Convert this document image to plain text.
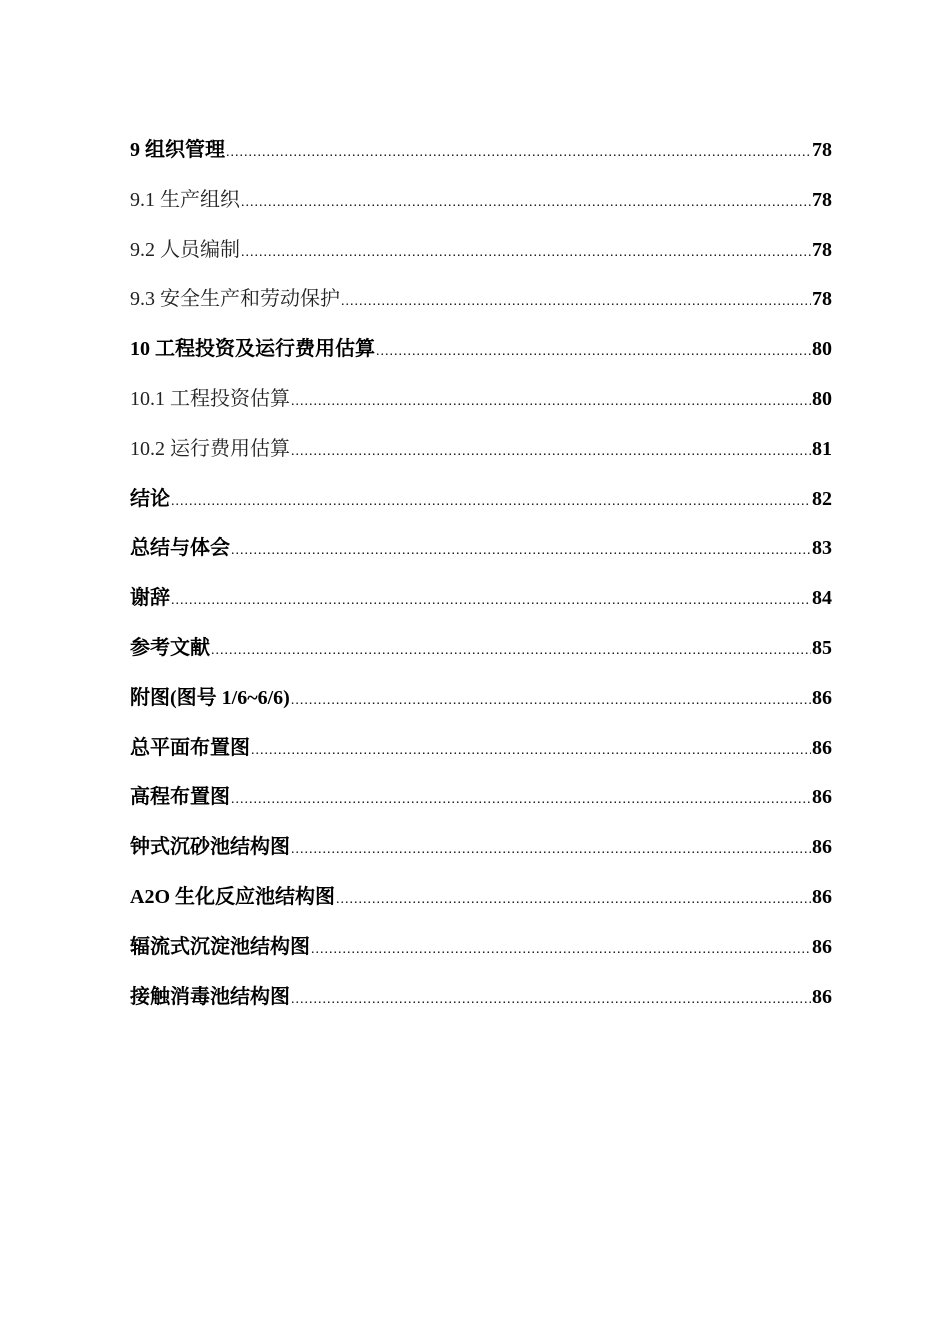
9 组织管理 .....	78
9.1 生产组织 .....	78
9.2 人员编制 .....	78
9.3 安全生产和劳动保护 .....	78
10 工程投资及运行费用估算 .....	80
10.1 工程投资估算 .....	80
10.2 运行费用估算 .....	81
结论 .....	82
总结与体会 .....	83
谢辞 .....	84
参考文献 .....	85
附图(图号 1/6~6/6) .....	86
总平面布置图 .....	86
高程布置图 .....	86
钟式沉砂池结构图 .....	86
A2O 生化反应池结构图 .....	86
辐流式沉淀池结构图 .....	86
接触消毒池结构图 .....	86
